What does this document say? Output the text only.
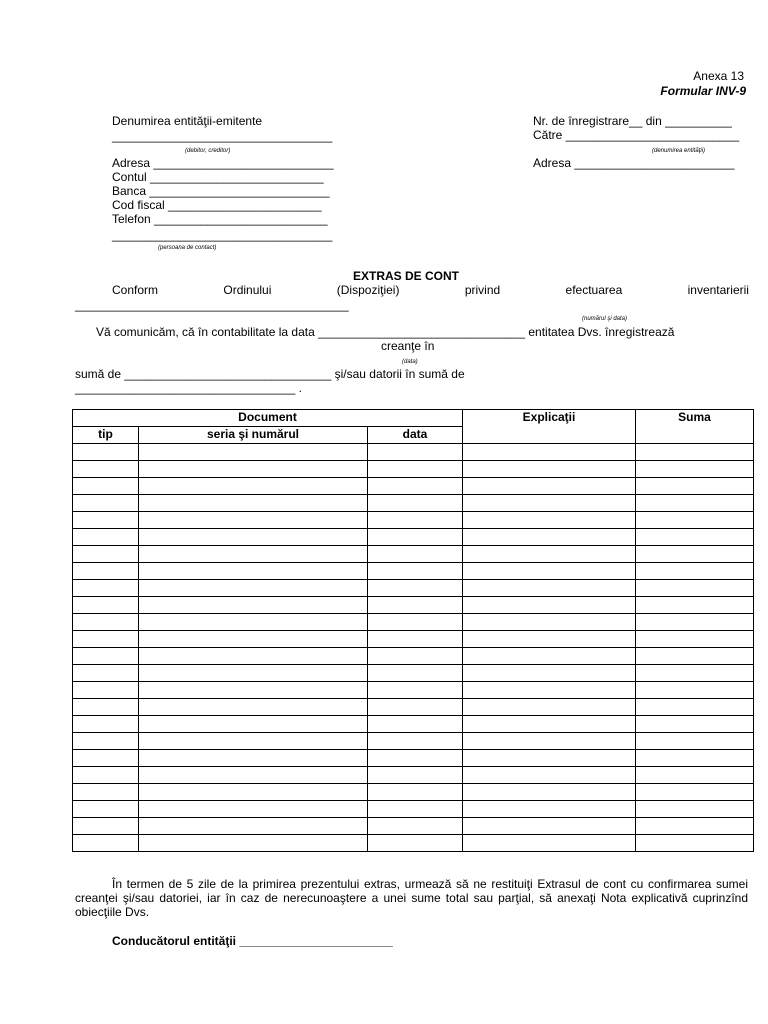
Anexa 13
Formular INV-9
Denumirea entităţii-emitente
_________________________________
(debitor, creditor)
Adresa ___________________________
Contul __________________________
Banca ___________________________
Cod fiscal _______________________
Telefon __________________________
_________________________________
(persoana de contact)
Nr. de înregistrare__ din __________
Către __________________________
(denumirea entităţii)
Adresa ________________________
EXTRAS DE CONT
Conform	Ordinului	(Dispoziţiei)	privind	efectuarea	inventarierii
_________________________________________
Vă comunicăm, că în contabilitate la data _______________________________ entitatea Dvs. înregistrează
(numărul şi data)
creanţe în
(data)
sumă de _______________________________ şi/sau datorii în sumă de
_________________________________ .
Document			Explicaţii	Suma
tip	seria şi numărul	data		

În termen de 5 zile de la primirea prezentului extras, urmează să ne restituiţi Extrasul de cont cu confirmarea sumei creanţei şi/sau datoriei, iar în caz de nerecunoaştere a unei sume total sau parţial, să anexaţi Nota explicativă cuprinzînd obiecţiile Dvs.
Conducătorul entităţii _______________________
